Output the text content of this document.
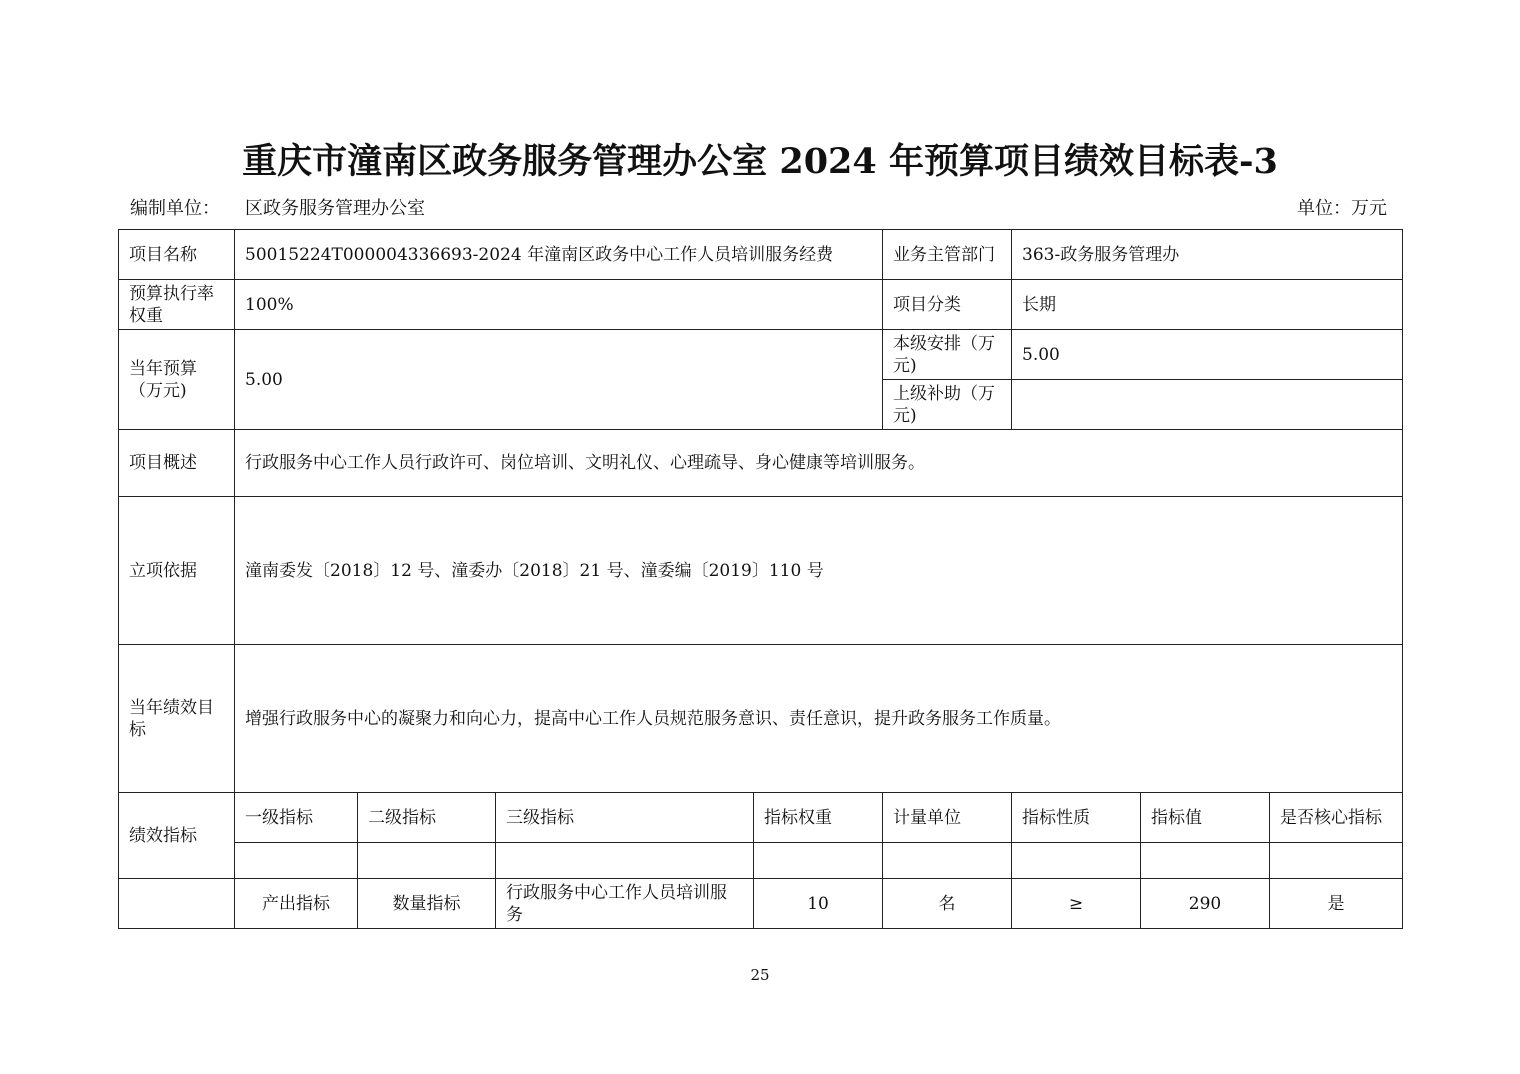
重庆市潼南区政务服务管理办公室 2024 年预算项目绩效目标表-3
编制单位： 区政务服务管理办公室	单位：万元
项目名称	50015224T000004336693-2024 年潼南区政务中心工作人员培训服务经费				业务主管部门	363-政务服务管理办		
预算执行率权重	100%				项目分类	长期		
当年预算（万元)	5.00				本级安排（万元)	5.00		
					上级补助（万元)			
项目概述	行政服务中心工作人员行政许可、岗位培训、文明礼仪、心理疏导、身心健康等培训服务。							
立项依据	潼南委发〔2018〕12 号、潼委办〔2018〕21 号、潼委编〔2019〕110 号							
当年绩效目标	增强行政服务中心的凝聚力和向心力，提高中心工作人员规范服务意识、责任意识，提升政务服务工作质量。							
绩效指标	一级指标	二级指标	三级指标	指标权重	计量单位	指标性质	指标值	是否核心指标

	产出指标	数量指标	行政服务中心工作人员培训服务	10	名	≥	290	是
25
